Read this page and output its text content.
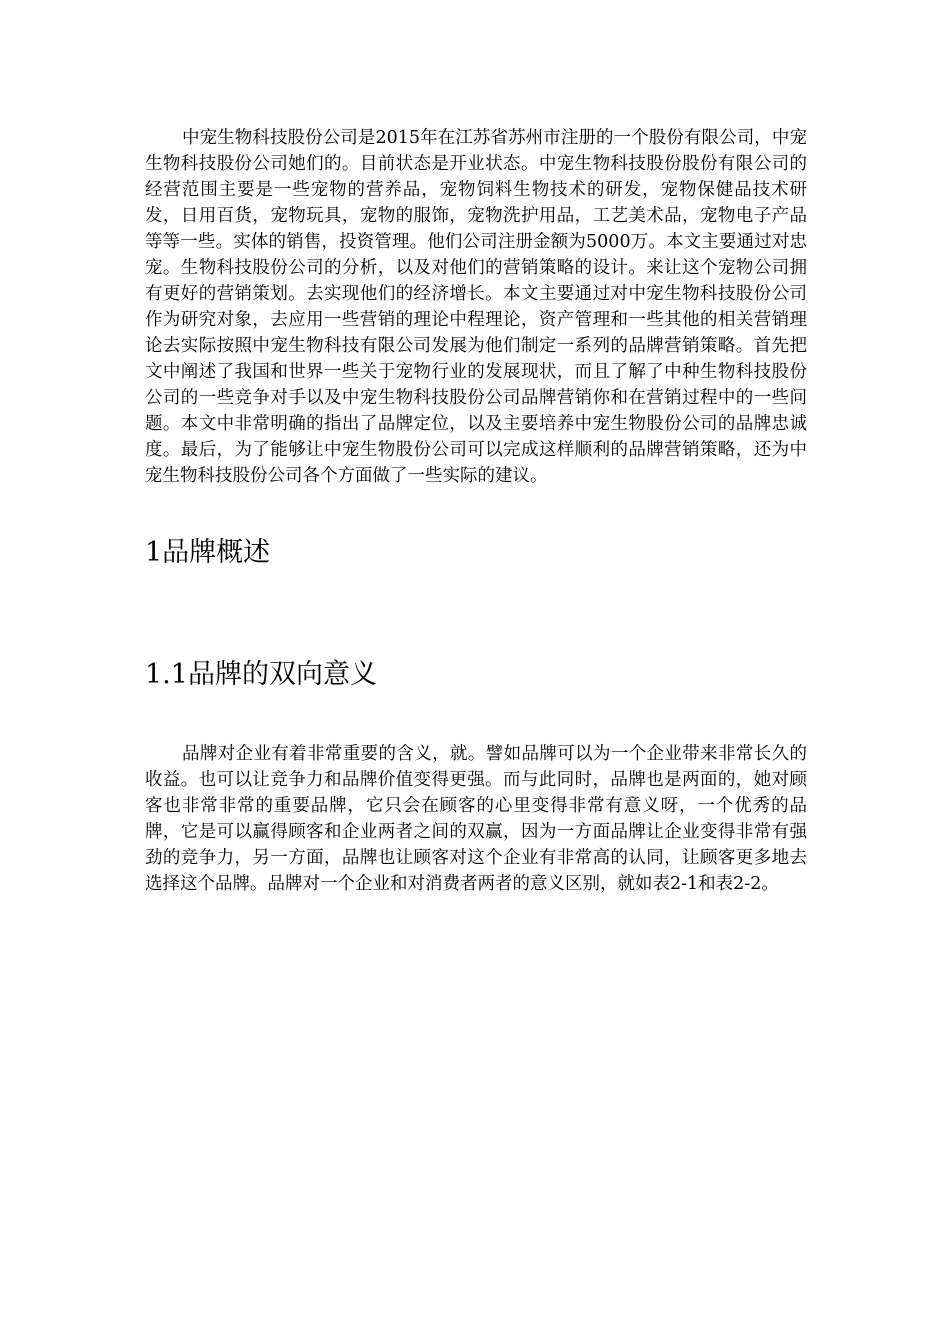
中宠生物科技股份公司是2015年在江苏省苏州市注册的一个股份有限公司，中宠生物科技股份公司她们的。目前状态是开业状态。中宠生物科技股份股份有限公司的经营范围主要是一些宠物的营养品，宠物饲料生物技术的研发，宠物保健品技术研发，日用百货，宠物玩具，宠物的服饰，宠物洗护用品，工艺美术品，宠物电子产品等等一些。实体的销售，投资管理。他们公司注册金额为5000万。本文主要通过对忠宠。生物科技股份公司的分析，以及对他们的营销策略的设计。来让这个宠物公司拥有更好的营销策划。去实现他们的经济增长。本文主要通过对中宠生物科技股份公司作为研究对象，去应用一些营销的理论中程理论，资产管理和一些其他的相关营销理论去实际按照中宠生物科技有限公司发展为他们制定一系列的品牌营销策略。首先把文中阐述了我国和世界一些关于宠物行业的发展现状，而且了解了中种生物科技股份公司的一些竞争对手以及中宠生物科技股份公司品牌营销你和在营销过程中的一些问题。本文中非常明确的指出了品牌定位，以及主要培养中宠生物股份公司的品牌忠诚度。最后，为了能够让中宠生物股份公司可以完成这样顺利的品牌营销策略，还为中宠生物科技股份公司各个方面做了一些实际的建议。

1品牌概述
1.1品牌的双向意义

品牌对企业有着非常重要的含义，就。譬如品牌可以为一个企业带来非常长久的收益。也可以让竞争力和品牌价值变得更强。而与此同时，品牌也是两面的，她对顾客也非常非常的重要品牌，它只会在顾客的心里变得非常有意义呀，一个优秀的品牌，它是可以赢得顾客和企业两者之间的双赢，因为一方面品牌让企业变得非常有强劲的竞争力，另一方面，品牌也让顾客对这个企业有非常高的认同，让顾客更多地去选择这个品牌。品牌对一个企业和对消费者两者的意义区别，就如表2-1和表2-2。
